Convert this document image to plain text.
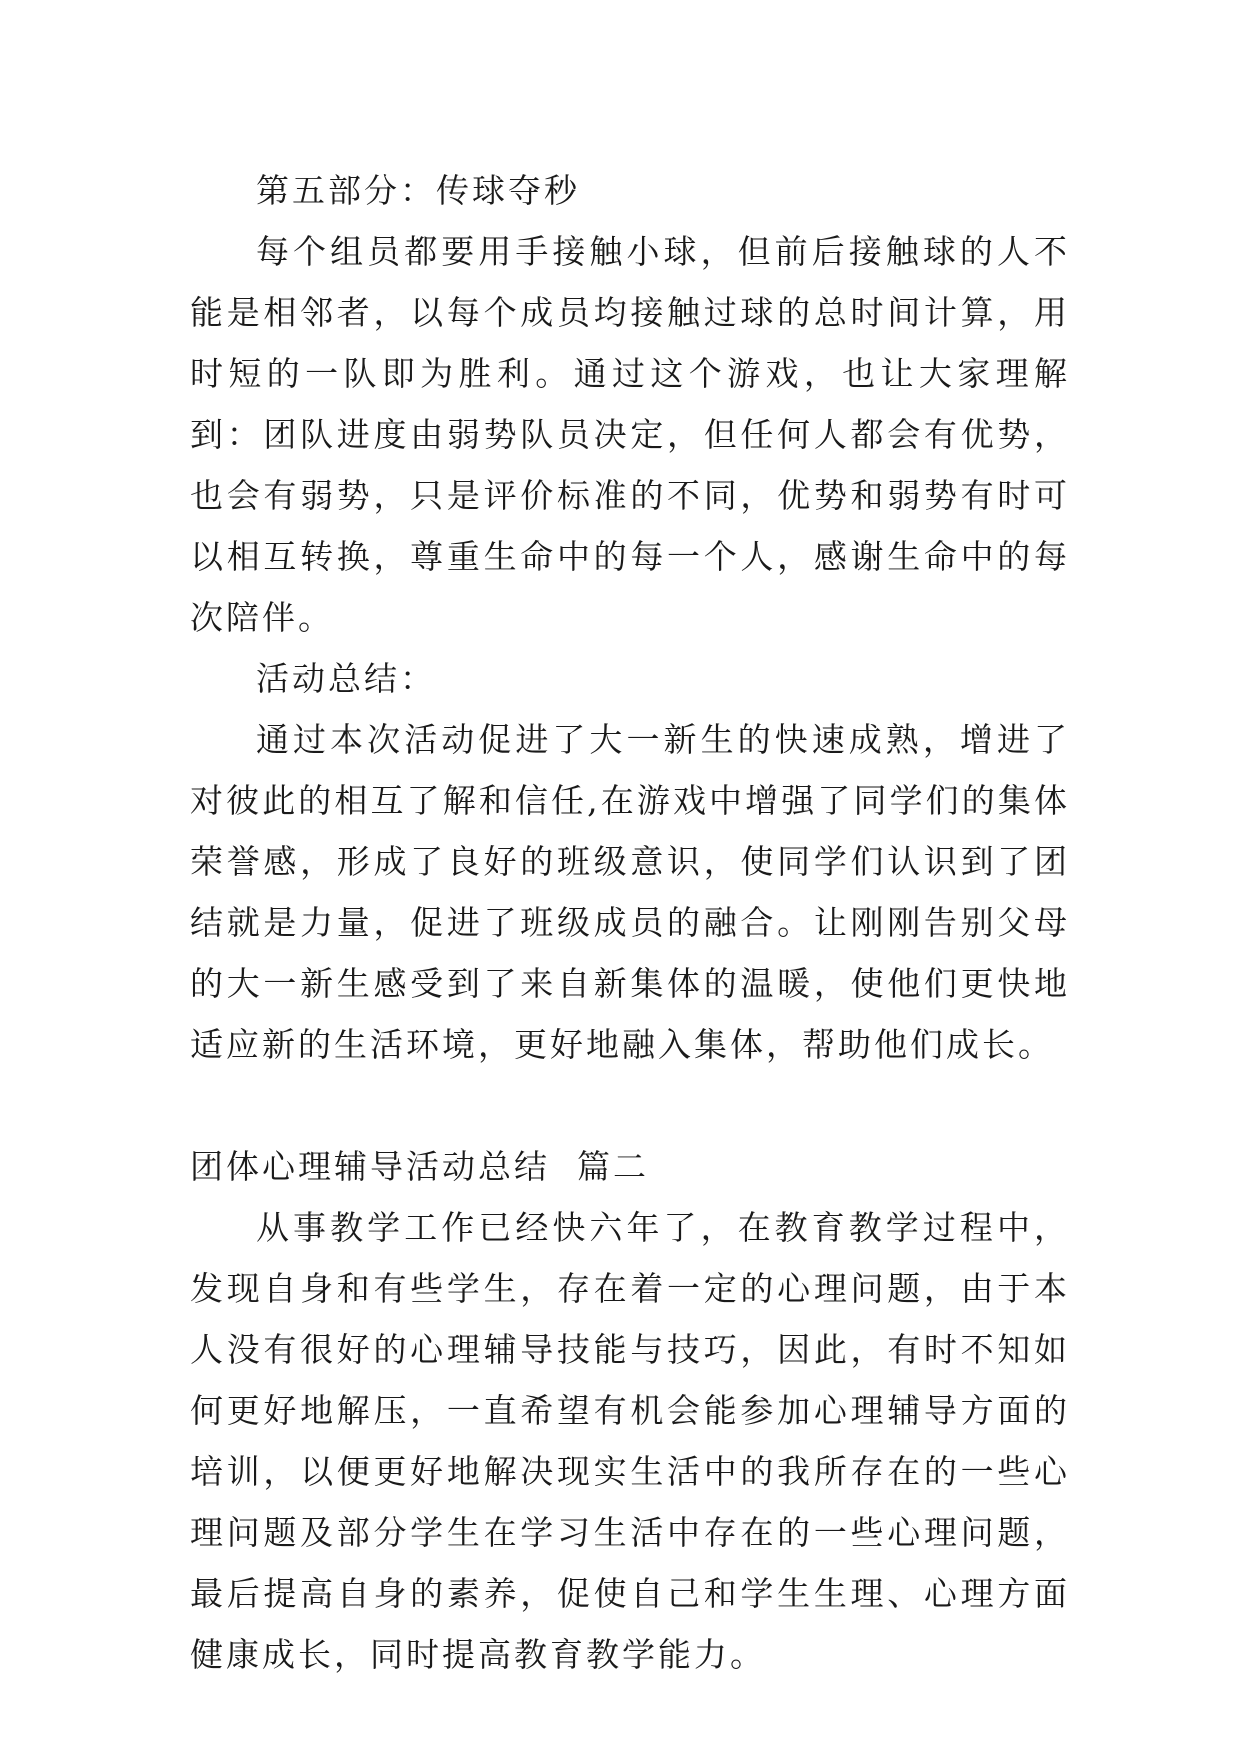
第五部分：传球夺秒

每个组员都要用手接触小球，但前后接触球的人不能是相邻者，以每个成员均接触过球的总时间计算，用时短的一队即为胜利。通过这个游戏，也让大家理解到：团队进度由弱势队员决定，但任何人都会有优势，也会有弱势，只是评价标准的不同，优势和弱势有时可以相互转换，尊重生命中的每一个人，感谢生命中的每次陪伴。

活动总结：

通过本次活动促进了大一新生的快速成熟，增进了对彼此的相互了解和信任,在游戏中增强了同学们的集体荣誉感，形成了良好的班级意识，使同学们认识到了团结就是力量，促进了班级成员的融合。让刚刚告别父母的大一新生感受到了来自新集体的温暖，使他们更快地适应新的生活环境，更好地融入集体，帮助他们成长。

团体心理辅导活动总结  篇二

从事教学工作已经快六年了，在教育教学过程中，发现自身和有些学生，存在着一定的心理问题，由于本人没有很好的心理辅导技能与技巧，因此，有时不知如何更好地解压，一直希望有机会能参加心理辅导方面的培训，以便更好地解决现实生活中的我所存在的一些心理问题及部分学生在学习生活中存在的一些心理问题，最后提高自身的素养，促使自己和学生生理、心理方面健康成长，同时提高教育教学能力。
